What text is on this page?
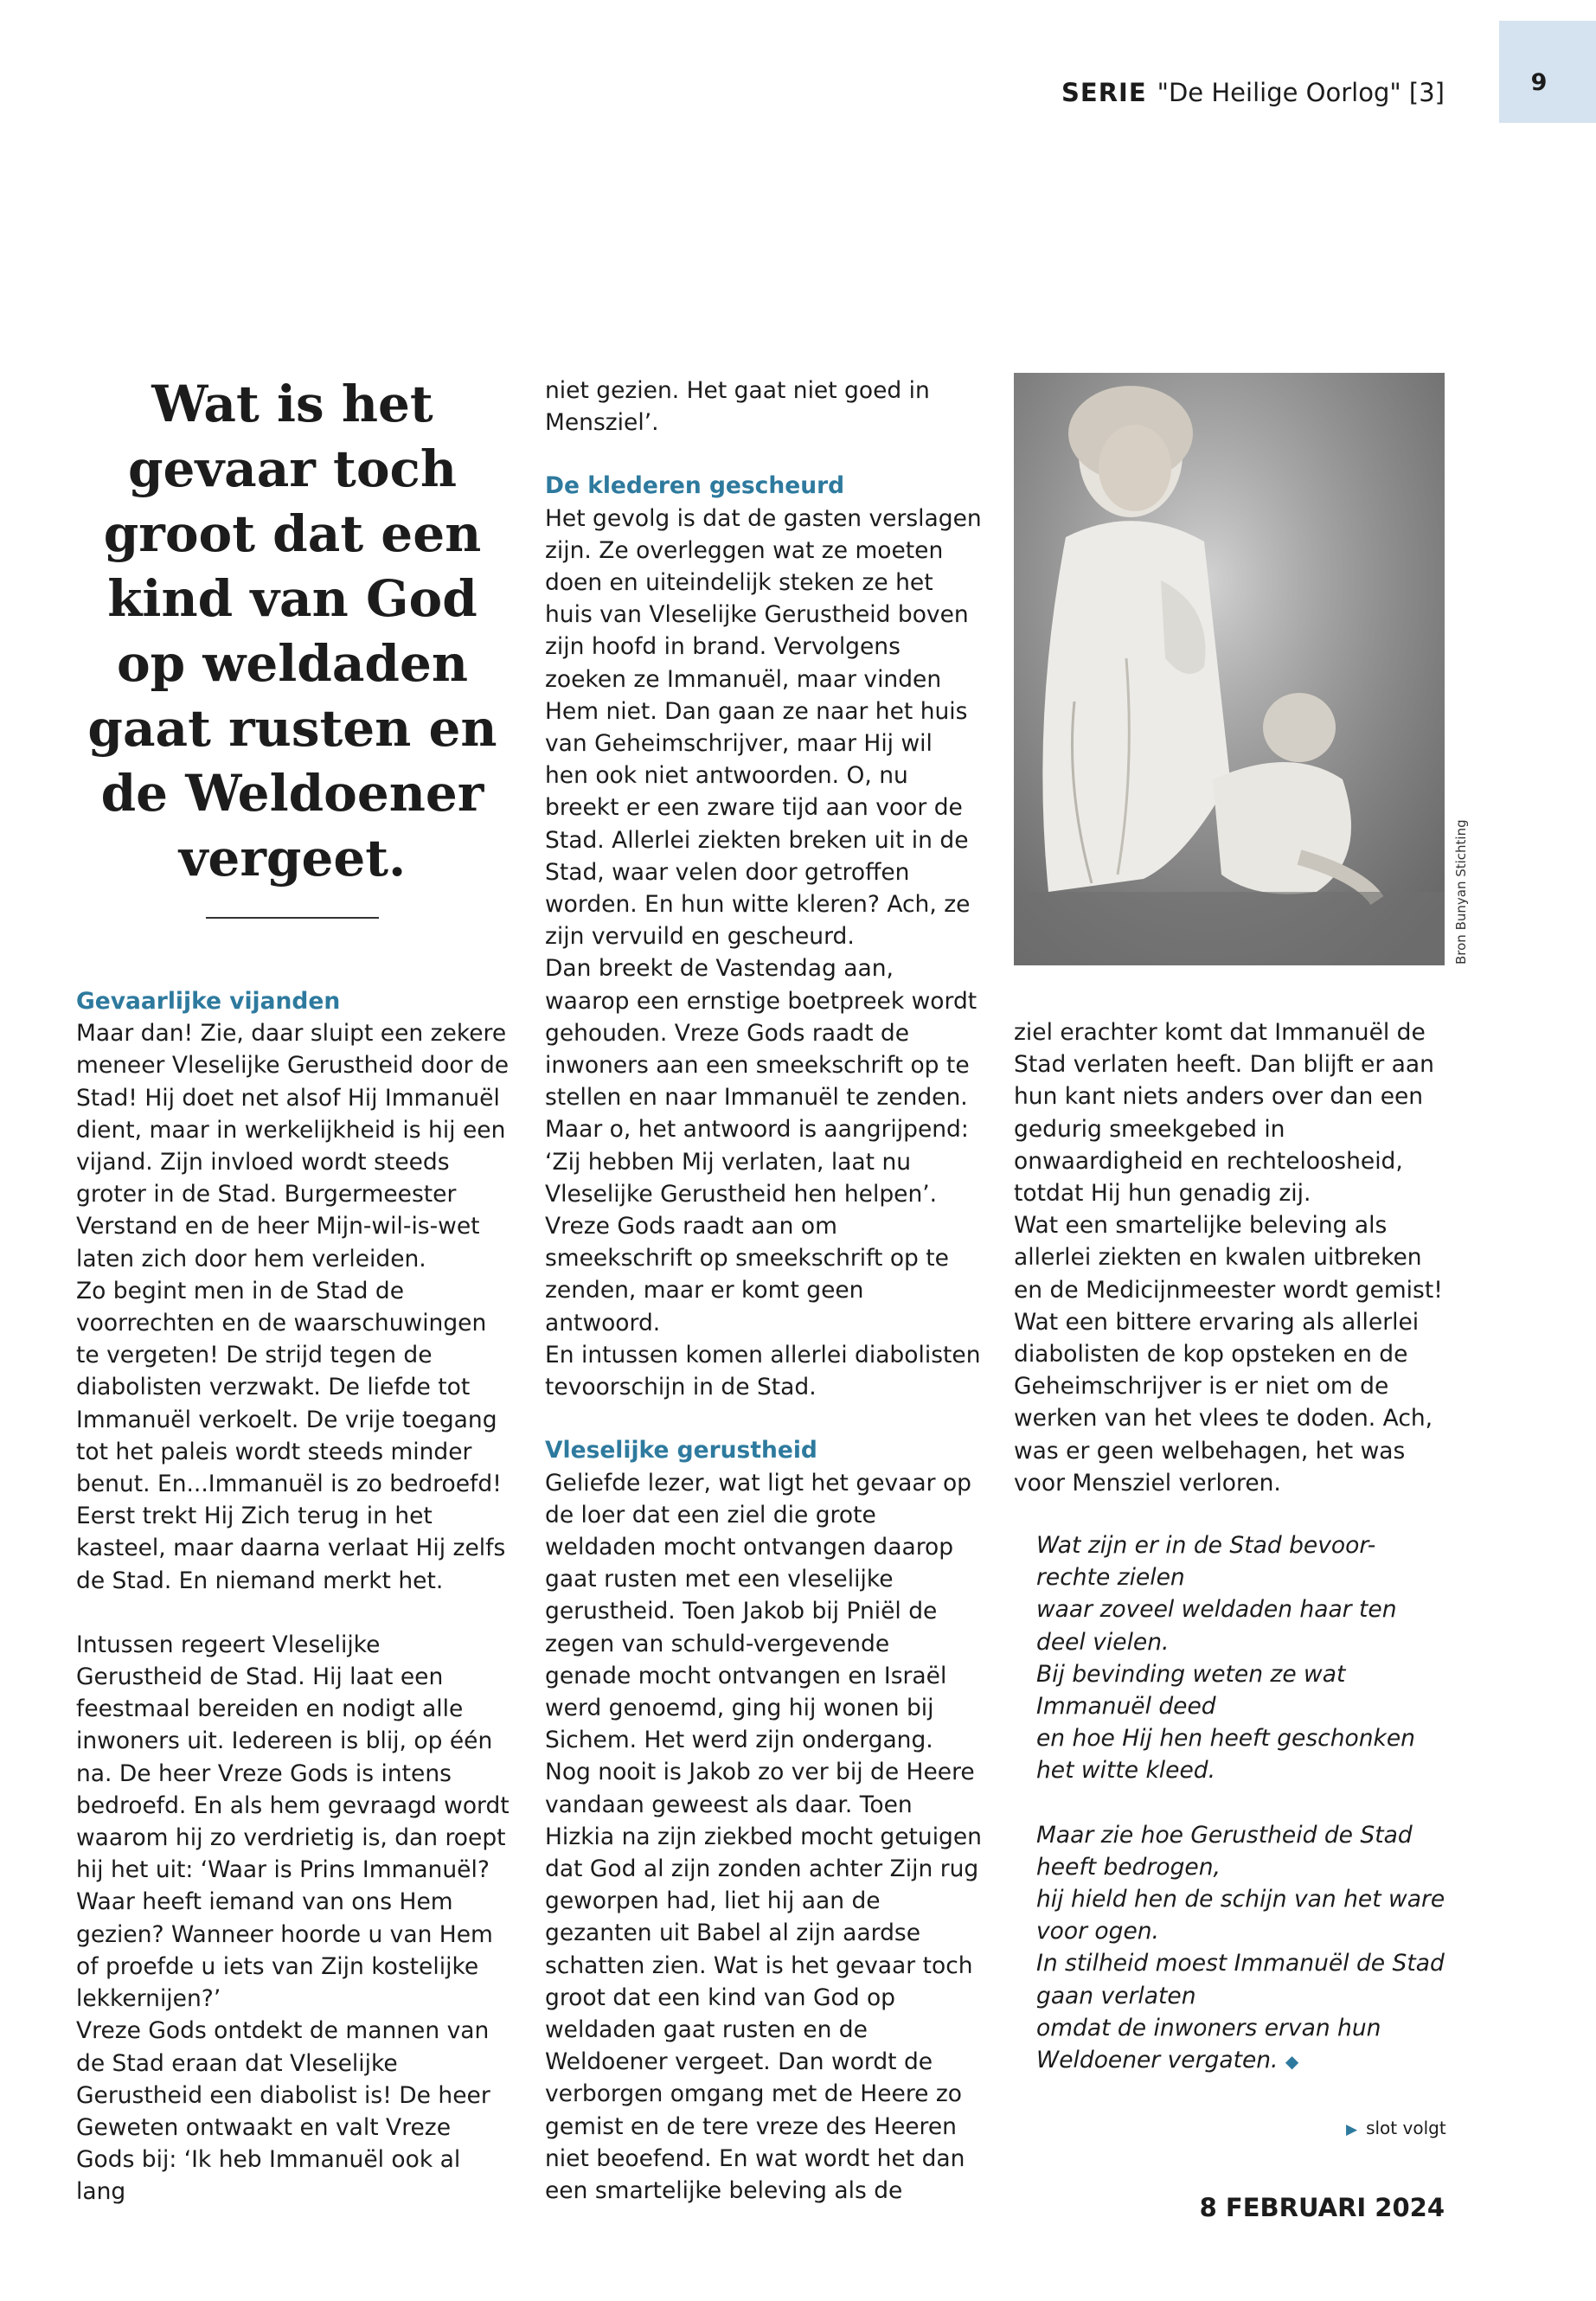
9
SERIE "De Heilige Oorlog" [3]

Wat is het gevaar toch groot dat een kind van God op weldaden gaat rusten en de Weldoener vergeet.

Gevaarlijke vijanden

Maar dan! Zie, daar sluipt een zekere meneer Vleselijke Gerustheid door de Stad! Hij doet net alsof Hij Immanuël dient, maar in werkelijkheid is hij een vijand. Zijn invloed wordt steeds groter in de Stad. Burgermeester Verstand en de heer Mijn-wil-is-wet laten zich door hem verleiden.

Zo begint men in de Stad de voorrechten en de waarschuwingen te vergeten! De strijd tegen de diabolisten verzwakt. De liefde tot Immanuël verkoelt. De vrije toegang tot het paleis wordt steeds minder benut. En...Immanuël is zo bedroefd! Eerst trekt Hij Zich terug in het kasteel, maar daarna verlaat Hij zelfs de Stad. En niemand merkt het.

Intussen regeert Vleselijke Gerustheid de Stad. Hij laat een feestmaal bereiden en nodigt alle inwoners uit. Iedereen is blij, op één na. De heer Vreze Gods is intens bedroefd. En als hem gevraagd wordt waarom hij zo verdrietig is, dan roept hij het uit: ‘Waar is Prins Immanuël? Waar heeft iemand van ons Hem gezien? Wanneer hoorde u van Hem of proefde u iets van Zijn kostelijke lekkernijen?’

Vreze Gods ontdekt de mannen van de Stad eraan dat Vleselijke Gerustheid een diabolist is! De heer Geweten ontwaakt en valt Vreze Gods bij: ‘Ik heb Immanuël ook al lang

niet gezien. Het gaat niet goed in Mensziel’.

De klederen gescheurd

Het gevolg is dat de gasten verslagen zijn. Ze overleggen wat ze moeten doen en uiteindelijk steken ze het huis van Vleselijke Gerustheid boven zijn hoofd in brand. Vervolgens zoeken ze Immanuël, maar vinden Hem niet. Dan gaan ze naar het huis van Geheimschrijver, maar Hij wil hen ook niet antwoorden. O, nu breekt er een zware tijd aan voor de Stad. Allerlei ziekten breken uit in de Stad, waar velen door getroffen worden. En hun witte kleren? Ach, ze zijn vervuild en gescheurd.

Dan breekt de Vastendag aan, waarop een ernstige boetpreek wordt gehouden. Vreze Gods raadt de inwoners aan een smeekschrift op te stellen en naar Immanuël te zenden. Maar o, het antwoord is aangrijpend: ‘Zij hebben Mij verlaten, laat nu Vleselijke Gerustheid hen helpen’.

Vreze Gods raadt aan om smeekschrift op smeekschrift op te zenden, maar er komt geen antwoord.

En intussen komen allerlei diabolisten tevoorschijn in de Stad.

Vleselijke gerustheid

Geliefde lezer, wat ligt het gevaar op de loer dat een ziel die grote weldaden mocht ontvangen daarop gaat rusten met een vleselijke gerustheid. Toen Jakob bij Pniël de zegen van schuld-vergevende genade mocht ontvangen en Israël werd genoemd, ging hij wonen bij Sichem. Het werd zijn ondergang. Nog nooit is Jakob zo ver bij de Heere vandaan geweest als daar. Toen Hizkia na zijn ziekbed mocht getuigen dat God al zijn zonden achter Zijn rug geworpen had, liet hij aan de gezanten uit Babel al zijn aardse schatten zien. Wat is het gevaar toch groot dat een kind van God op weldaden gaat rusten en de Weldoener vergeet. Dan wordt de verborgen omgang met de Heere zo gemist en de tere vreze des Heeren niet beoefend. En wat wordt het dan een smartelijke beleving als de

Bron Bunyan Stichting

ziel erachter komt dat Immanuël de Stad verlaten heeft. Dan blijft er aan hun kant niets anders over dan een gedurig smeekgebed in onwaardigheid en rechteloosheid, totdat Hij hun genadig zij.

Wat een smartelijke beleving als allerlei ziekten en kwalen uitbreken en de Medicijnmeester wordt gemist! Wat een bittere ervaring als allerlei diabolisten de kop opsteken en de Geheimschrijver is er niet om de werken van het vlees te doden. Ach, was er geen welbehagen, het was voor Mensziel verloren.

Wat zijn er in de Stad bevoor-

rechte zielen

waar zoveel weldaden haar ten

deel vielen.

Bij bevinding weten ze wat

Immanuël deed

en hoe Hij hen heeft geschonken

het witte kleed.

Maar zie hoe Gerustheid de Stad

heeft bedrogen,

hij hield hen de schijn van het ware

voor ogen.

In stilheid moest Immanuël de Stad

gaan verlaten

omdat de inwoners ervan hun

Weldoener vergaten. ◆

▶ slot volgt
8 FEBRUARI 2024
